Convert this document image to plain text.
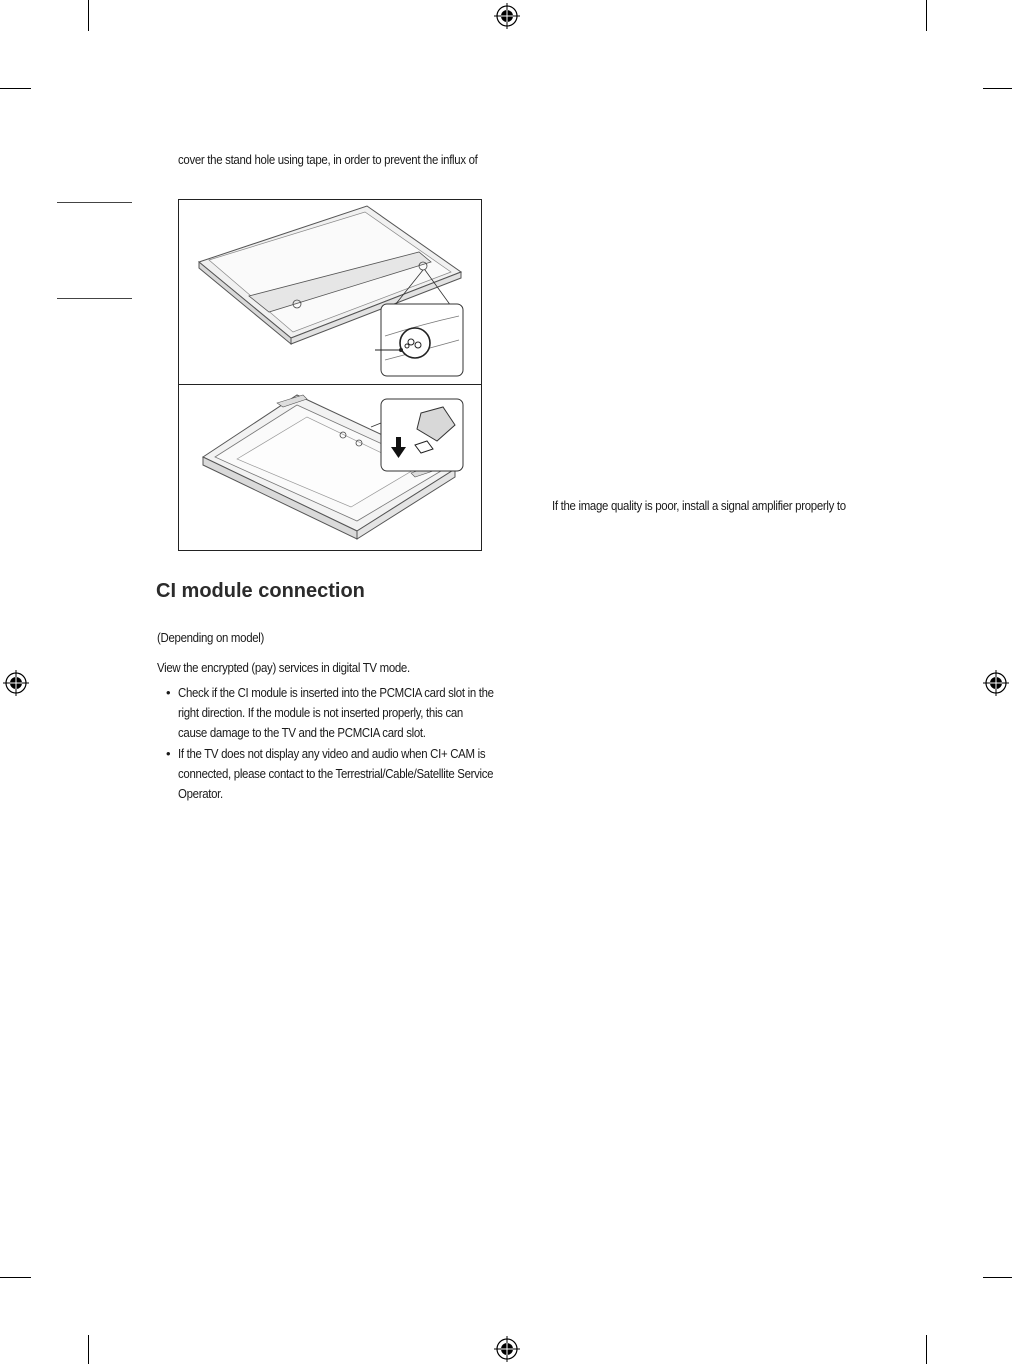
cover the stand hole using tape, in order to prevent the influx of
If the image quality is poor, install a signal amplifier properly to
CI module connection
(Depending on model)
View the encrypted (pay) services in digital TV mode.
• Check if the CI module is inserted into the PCMCIA card slot in the
right direction. If the module is not inserted properly, this can
cause damage to the TV and the PCMCIA card slot.
• If the TV does not display any video and audio when CI+ CAM is
connected, please contact to the Terrestrial/Cable/Satellite Service
Operator.
